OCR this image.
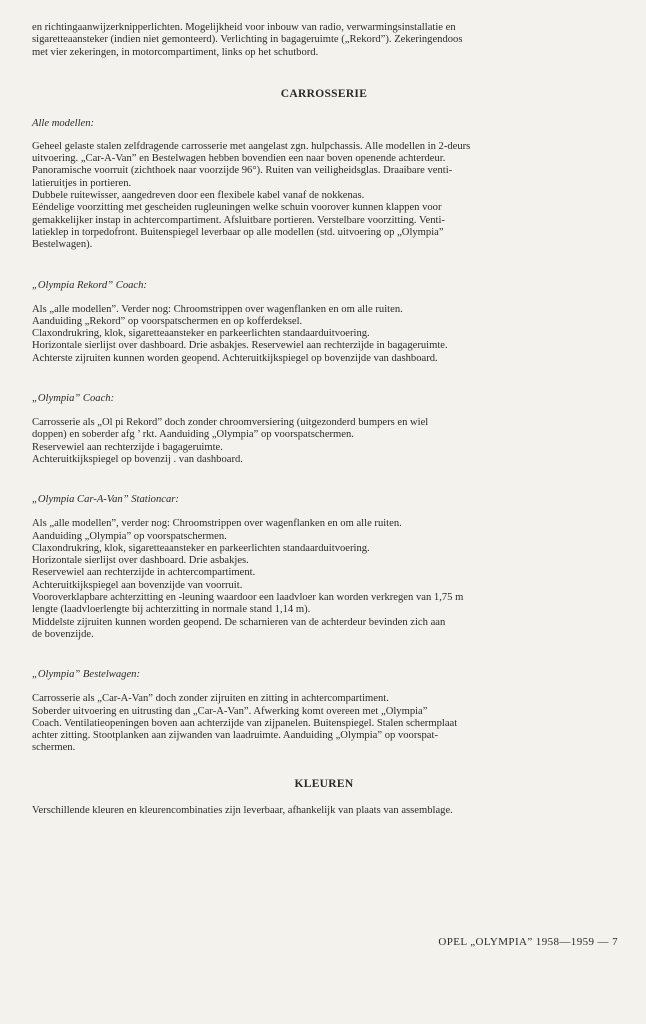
en richtingaanwijzerknipperlichten. Mogelijkheid voor inbouw van radio, verwarmingsinstallatie en
sigaretteaansteker (indien niet gemonteerd). Verlichting in bagageruimte („Rekord”). Zekeringendoos
met vier zekeringen, in motorcompartiment, links op het schutbord.
CARROSSERIE
Alle modellen:
Geheel gelaste stalen zelfdragende carrosserie met aangelast zgn. hulpchassis. Alle modellen in 2-deurs
uitvoering. „Car-A-Van” en Bestelwagen hebben bovendien een naar boven openende achterdeur.
Panoramische voorruit (zichthoek naar voorzijde 96°). Ruiten van veiligheidsglas. Draaibare venti-
latieruitjes in portieren.
Dubbele ruitewisser, aangedreven door een flexibele kabel vanaf de nokkenas.
Eéndelige voorzitting met gescheiden rugleuningen welke schuin voorover kunnen klappen voor
gemakkelijker instap in achtercompartiment. Afsluitbare portieren. Verstelbare voorzitting. Venti-
latieklep in torpedofront. Buitenspiegel leverbaar op alle modellen (std. uitvoering op „Olympia”
Bestelwagen).
„Olympia Rekord” Coach:
Als „alle modellen”. Verder nog: Chroomstrippen over wagenflanken en om alle ruiten.
Aanduiding „Rekord” op voorspatschermen en op kofferdeksel.
Claxondrukring, klok, sigaretteaansteker en parkeerlichten standaarduitvoering.
Horizontale sierlijst over dashboard. Drie asbakjes. Reservewiel aan rechterzijde in bagageruimte.
Achterste zijruiten kunnen worden geopend. Achteruitkijkspiegel op bovenzijde van dashboard.
„Olympia” Coach:
Carrosserie als „Ol pi Rekord” doch zonder chroomversiering (uitgezonderd bumpers en wiel
doppen) en soberder afg ’ rkt. Aanduiding „Olympia” op voorspatschermen.
Reservewiel aan rechterzijde i bagageruimte.
Achteruitkijkspiegel op bovenzij . van dashboard.
„Olympia Car-A-Van” Stationcar:
Als „alle modellen”, verder nog: Chroomstrippen over wagenflanken en om alle ruiten.
Aanduiding „Olympia” op voorspatschermen.
Claxondrukring, klok, sigaretteaansteker en parkeerlichten standaarduitvoering.
Horizontale sierlijst over dashboard. Drie asbakjes.
Reservewiel aan rechterzijde in achtercompartiment.
Achteruitkijkspiegel aan bovenzijde van voorruit.
Vooroverklapbare achterzitting en -leuning waardoor een laadvloer kan worden verkregen van 1,75 m
lengte (laadvloerlengte bij achterzitting in normale stand 1,14 m).
Middelste zijruiten kunnen worden geopend. De scharnieren van de achterdeur bevinden zich aan
de bovenzijde.
„Olympia” Bestelwagen:
Carrosserie als „Car-A-Van” doch zonder zijruiten en zitting in achtercompartiment.
Soberder uitvoering en uitrusting dan „Car-A-Van”. Afwerking komt overeen met „Olympia”
Coach. Ventilatieopeningen boven aan achterzijde van zijpanelen. Buitenspiegel. Stalen schermplaat
achter zitting. Stootplanken aan zijwanden van laadruimte. Aanduiding „Olympia” op voorspat-
schermen.
KLEUREN
Verschillende kleuren en kleurencombinaties zijn leverbaar, afhankelijk van plaats van assemblage.
OPEL „OLYMPIA” 1958—1959 — 7
